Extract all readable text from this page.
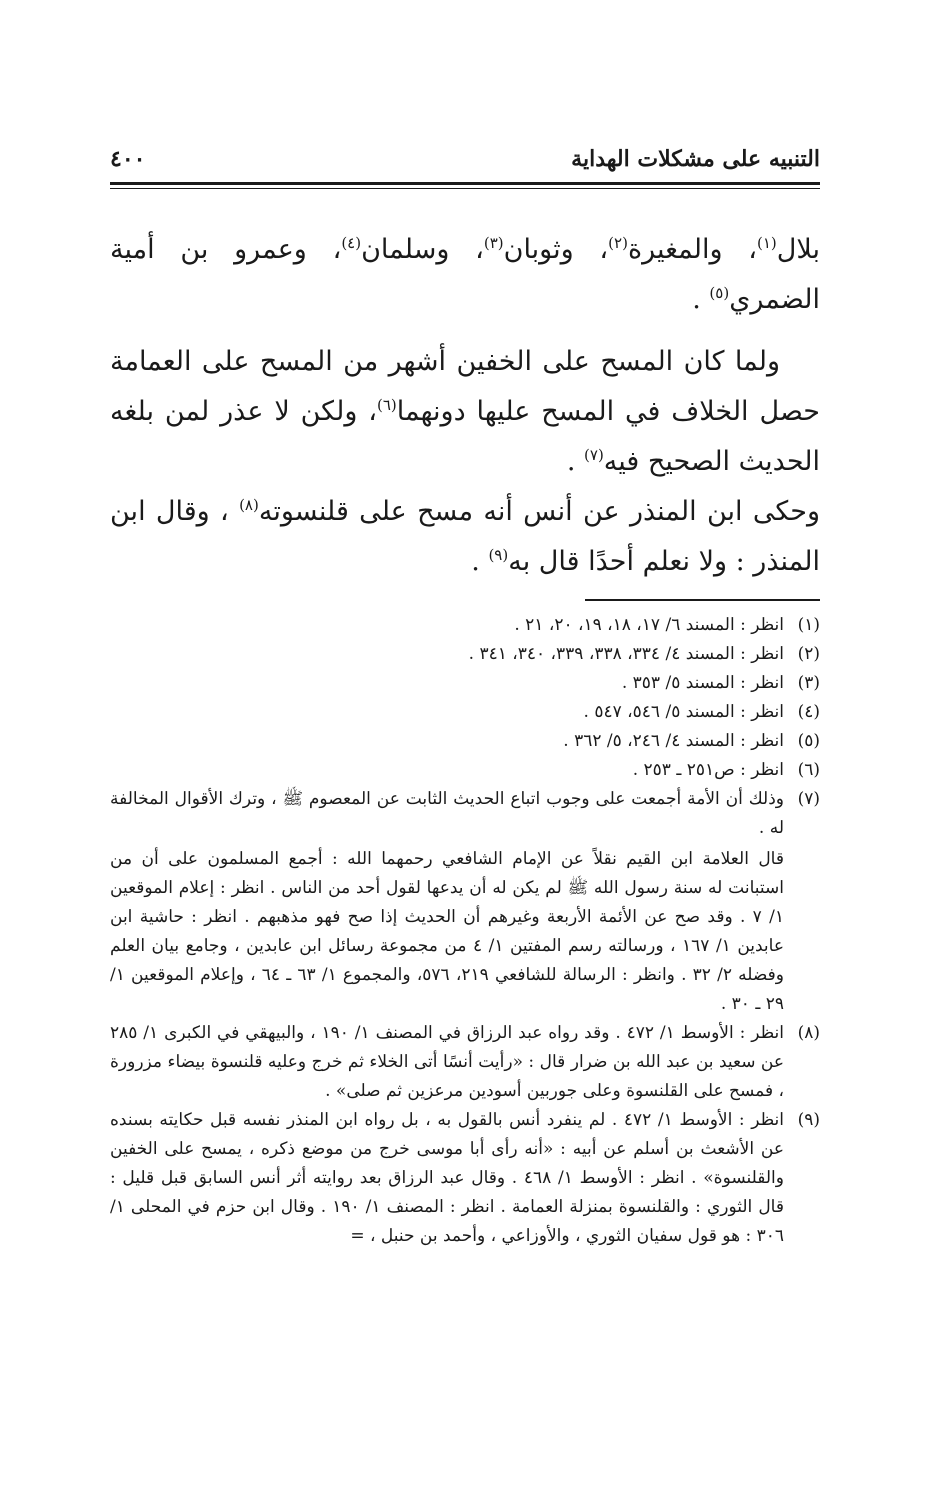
التنبيه على مشكلات الهداية
٤٠٠

بلال$^{(١)}$، والمغيرة$^{(٢)}$، وثوبان$^{(٣)}$، وسلمان$^{(٤)}$، وعمرو بن أمية الضمري$^{(٥)}$ .

ولما كان المسح على الخفين أشهر من المسح على العمامة حصل الخلاف في المسح عليها دونهما$^{(٦)}$، ولكن لا عذر لمن بلغه الحديث الصحيح فيه$^{(٧)}$ .

وحكى ابن المنذر عن أنس أنه مسح على قلنسوته$^{(٨)}$ ، وقال ابن المنذر : ولا نعلم أحدًا قال به$^{(٩)}$ .

(١)
انظر : المسند ٦/ ١٧، ١٨، ١٩، ٢٠، ٢١ .
(٢)
انظر : المسند ٤/ ٣٣٤، ٣٣٨، ٣٣٩، ٣٤٠، ٣٤١ .
(٣)
انظر : المسند ٥/ ٣٥٣ .
(٤)
انظر : المسند ٥/ ٥٤٦، ٥٤٧ .
(٥)
انظر : المسند ٤/ ٢٤٦، ٥/ ٣٦٢ .
(٦)
انظر : ص٢٥١ ـ ٢٥٣ .
(٧)
وذلك أن الأمة أجمعت على وجوب اتباع الحديث الثابت عن المعصوم ﷺ ، وترك الأقوال المخالفة له .
قال العلامة ابن القيم نقلاً عن الإمام الشافعي رحمهما الله : أجمع المسلمون على أن من استبانت له سنة رسول الله ﷺ لم يكن له أن يدعها لقول أحد من الناس . انظر : إعلام الموقعين ١/ ٧ . وقد صح عن الأئمة الأربعة وغيرهم أن الحديث إذا صح فهو مذهبهم . انظر : حاشية ابن عابدين ١/ ١٦٧ ، ورسالته رسم المفتين ١/ ٤ من مجموعة رسائل ابن عابدين ، وجامع بيان العلم وفضله ٢/ ٣٢ . وانظر : الرسالة للشافعي ٢١٩، ٥٧٦، والمجموع ١/ ٦٣ ـ ٦٤ ، وإعلام الموقعين ١/ ٢٩ ـ ٣٠ .
(٨)
انظر : الأوسط ١/ ٤٧٢ . وقد رواه عبد الرزاق في المصنف ١/ ١٩٠ ، والبيهقي في الكبرى ١/ ٢٨٥ عن سعيد بن عبد الله بن ضرار قال : «رأيت أنسًا أتى الخلاء ثم خرج وعليه قلنسوة بيضاء مزرورة ، فمسح على القلنسوة وعلى جوربين أسودين مرعزين ثم صلى» .
(٩)
انظر : الأوسط ١/ ٤٧٢ . لم ينفرد أنس بالقول به ، بل رواه ابن المنذر نفسه قبل حكايته بسنده عن الأشعث بن أسلم عن أبيه : «أنه رأى أبا موسى خرج من موضع ذكره ، يمسح على الخفين والقلنسوة» . انظر : الأوسط ١/ ٤٦٨ . وقال عبد الرزاق بعد روايته أثر أنس السابق قبل قليل : قال الثوري : والقلنسوة بمنزلة العمامة . انظر : المصنف ١/ ١٩٠ . وقال ابن حزم في المحلى ١/ ٣٠٦ : هو قول سفيان الثوري ، والأوزاعي ، وأحمد بن حنبل ، =
